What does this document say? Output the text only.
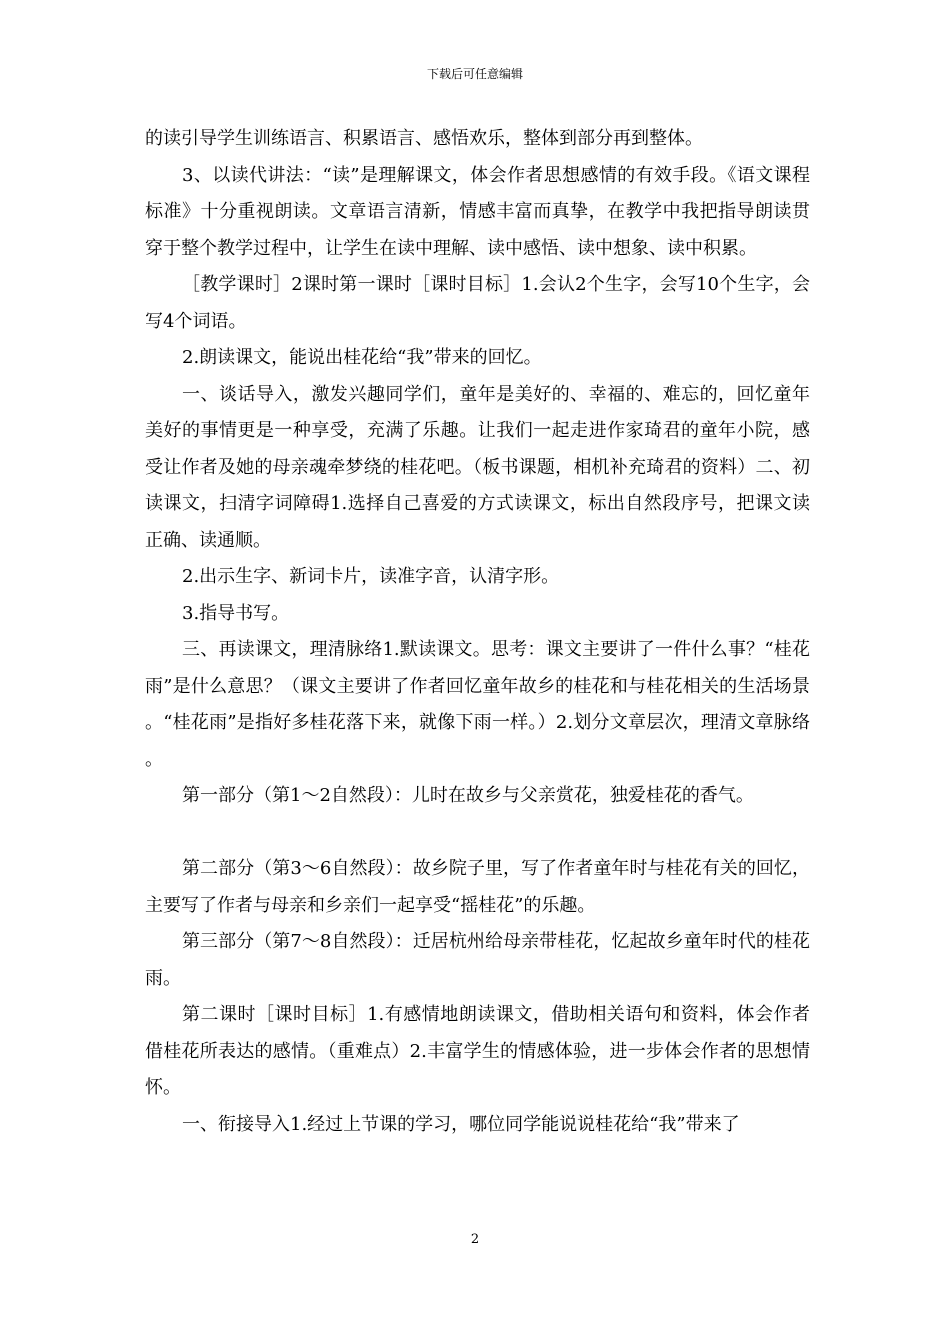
下载后可任意编辑

的读引导学生训练语言、积累语言、感悟欢乐，整体到部分再到整体。

3、以读代讲法：“读”是理解课文，体会作者思想感情的有效手段。《语文课程标准》十分重视朗读。文章语言清新，情感丰富而真挚，在教学中我把指导朗读贯穿于整个教学过程中，让学生在读中理解、读中感悟、读中想象、读中积累。

［教学课时］2课时第一课时［课时目标］1.会认2个生字，会写10个生字，会写4个词语。

2.朗读课文，能说出桂花给“我”带来的回忆。

一、谈话导入，激发兴趣同学们，童年是美好的、幸福的、难忘的，回忆童年美好的事情更是一种享受，充满了乐趣。让我们一起走进作家琦君的童年小院，感受让作者及她的母亲魂牵梦绕的桂花吧。（板书课题，相机补充琦君的资料）二、初读课文，扫清字词障碍1.选择自己喜爱的方式读课文，标出自然段序号，把课文读正确、读通顺。

2.出示生字、新词卡片，读准字音，认清字形。

3.指导书写。

三、再读课文，理清脉络1.默读课文。思考：课文主要讲了一件什么事？“桂花雨”是什么意思？（课文主要讲了作者回忆童年故乡的桂花和与桂花相关的生活场景。“桂花雨”是指好多桂花落下来，就像下雨一样。）2.划分文章层次，理清文章脉络。

第一部分（第1～2自然段）：儿时在故乡与父亲赏花，独爱桂花的香气。

第二部分（第3～6自然段）：故乡院子里，写了作者童年时与桂花有关的回忆，主要写了作者与母亲和乡亲们一起享受“摇桂花”的乐趣。

第三部分（第7～8自然段）：迁居杭州给母亲带桂花，忆起故乡童年时代的桂花雨。

第二课时［课时目标］1.有感情地朗读课文，借助相关语句和资料，体会作者借桂花所表达的感情。（重难点）2.丰富学生的情感体验，进一步体会作者的思想情怀。

一、衔接导入1.经过上节课的学习，哪位同学能说说桂花给“我”带来了

2
